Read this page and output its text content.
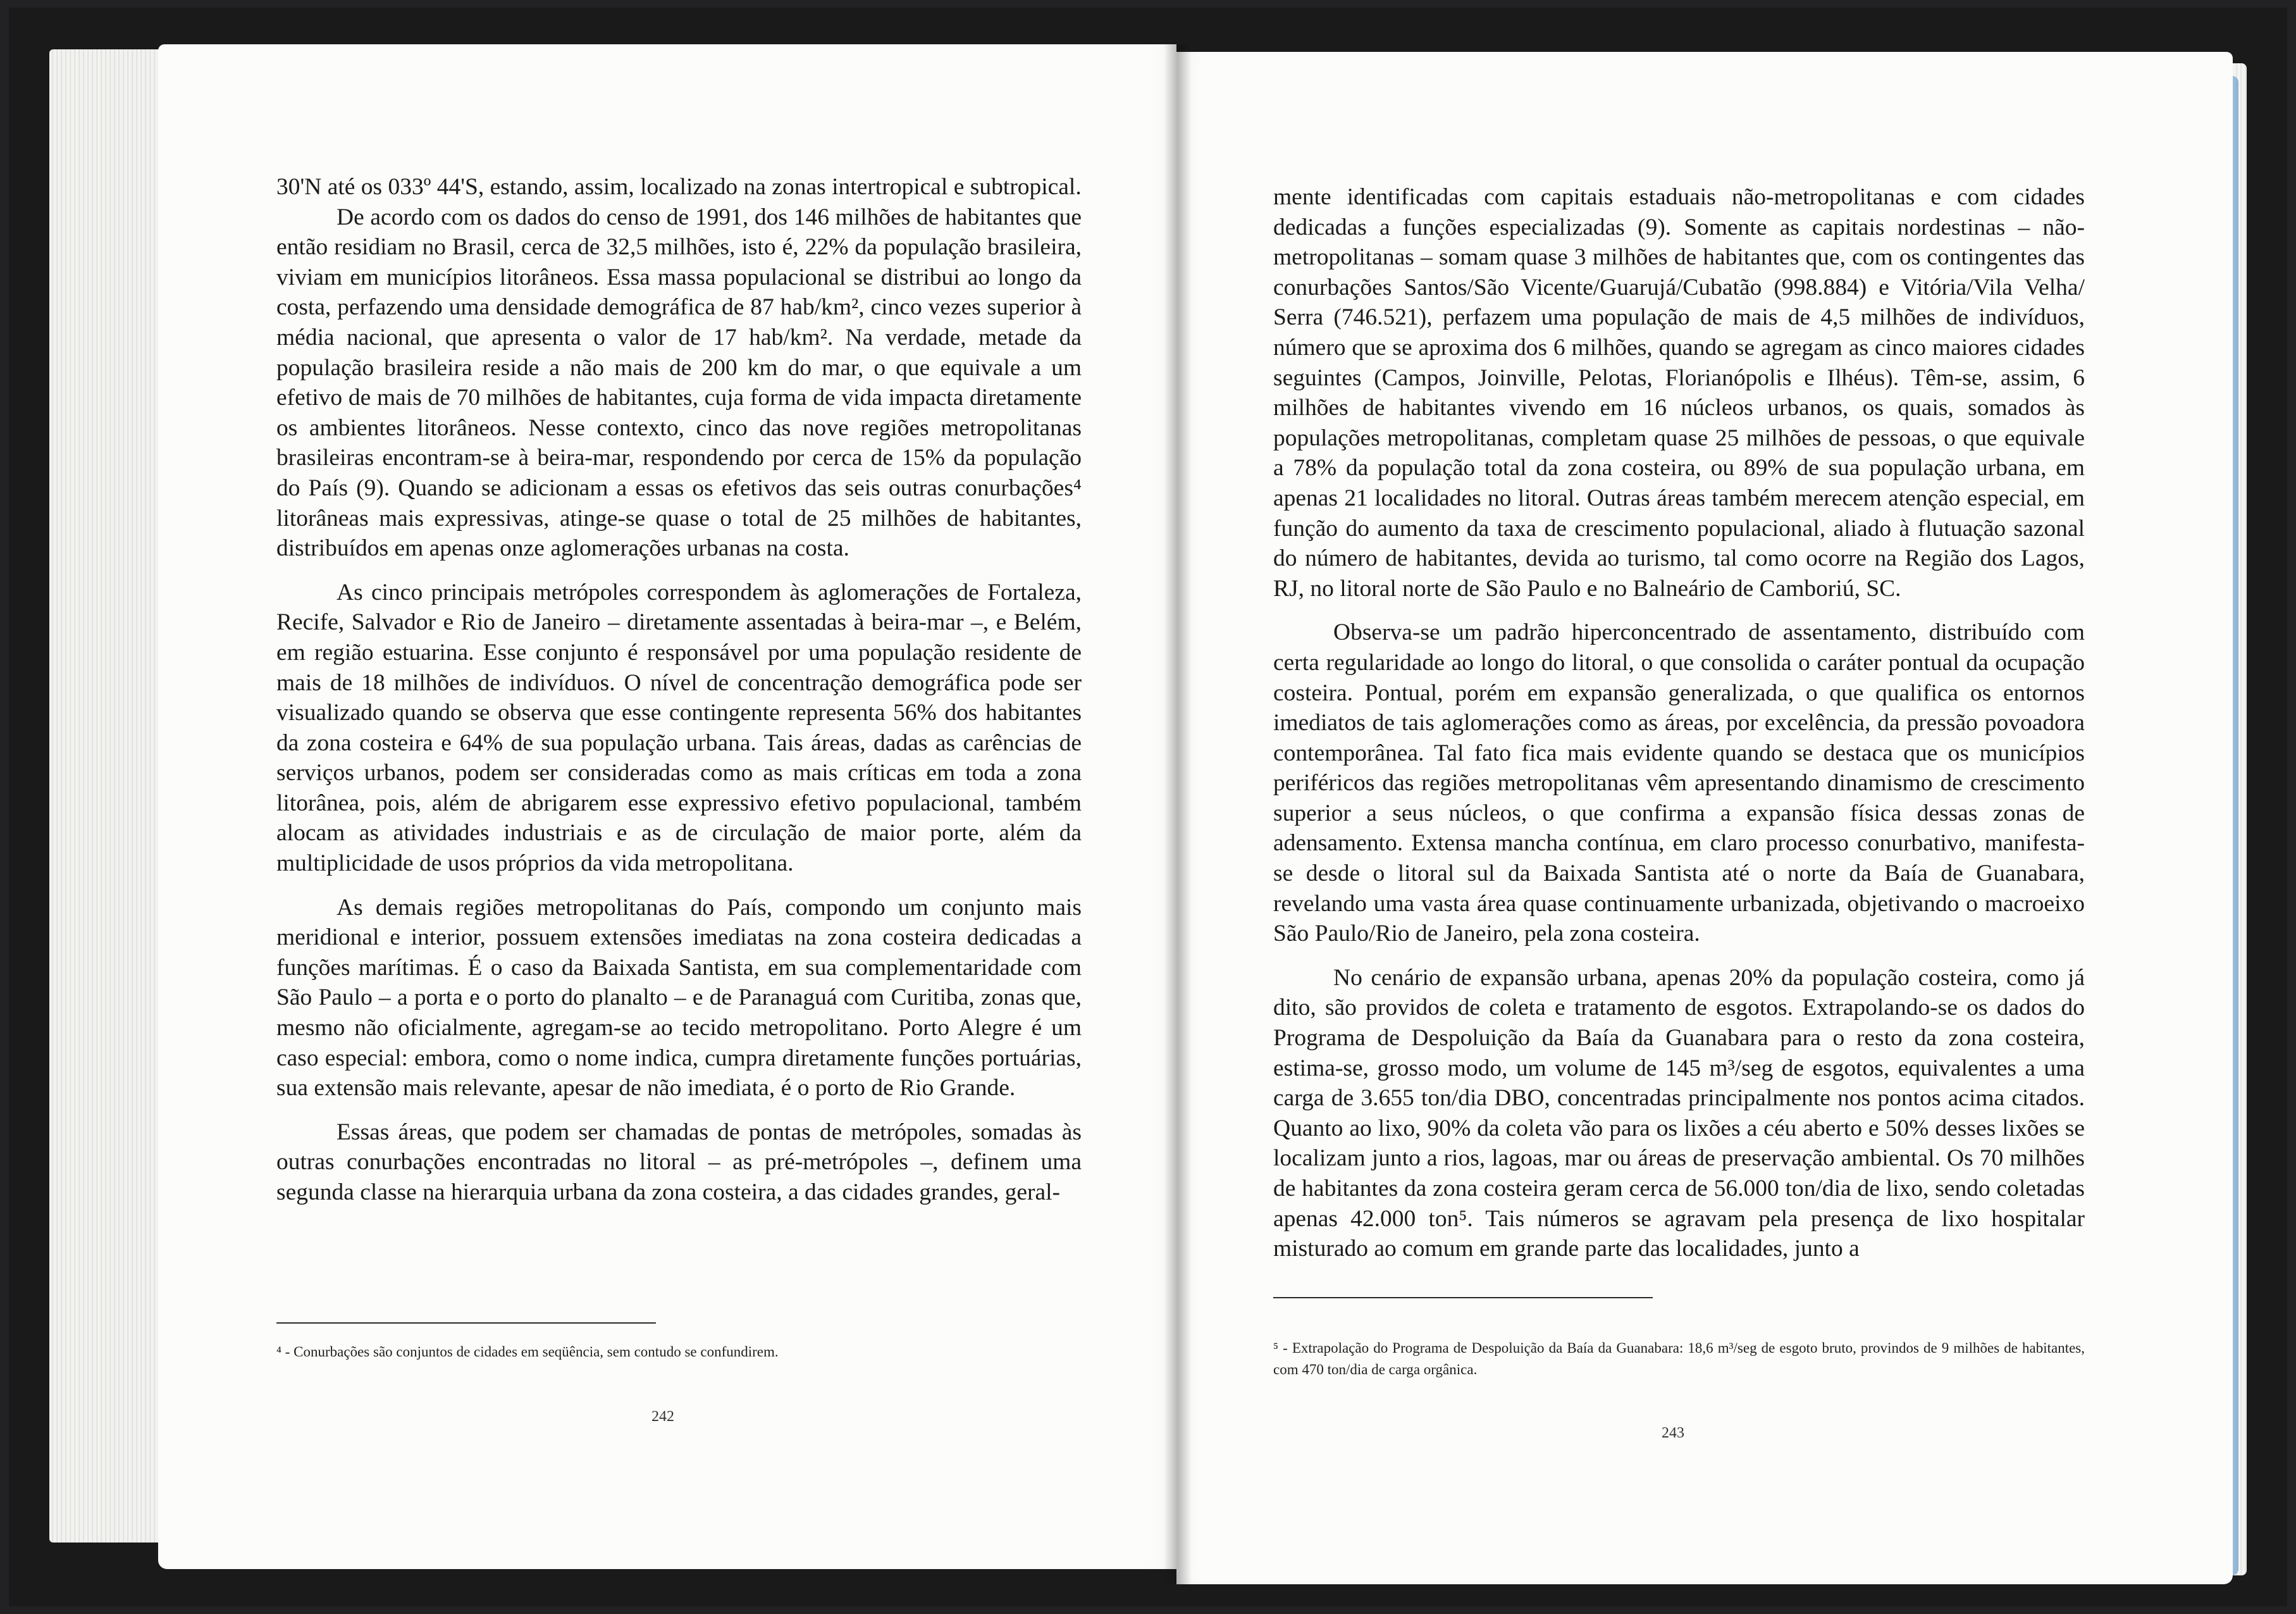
30'N até os 033º 44'S, estando, assim, localizado na zonas intertropical e subtropical.

De acordo com os dados do censo de 1991, dos 146 milhões de habitantes que então residiam no Brasil, cerca de 32,5 milhões, isto é, 22% da população brasileira, viviam em municípios litorâneos. Essa massa populacional se distribui ao longo da costa, perfazendo uma densidade demográfica de 87 hab/km², cinco vezes superior à média nacional, que apresenta o valor de 17 hab/km². Na verdade, metade da população brasileira reside a não mais de 200 km do mar, o que equivale a um efetivo de mais de 70 milhões de habitantes, cuja forma de vida impacta diretamente os ambientes litorâneos. Nesse contexto, cinco das nove regiões metropolitanas brasileiras encontram-se à beira-mar, respondendo por cerca de 15% da população do País (9). Quando se adicionam a essas os efetivos das seis outras conurbações⁴ litorâneas mais expressivas, atinge-se quase o total de 25 milhões de habitantes, distribuídos em apenas onze aglomerações urbanas na costa.

As cinco principais metrópoles correspondem às aglomerações de Fortaleza, Recife, Salvador e Rio de Janeiro – diretamente assentadas à beira-mar –, e Belém, em região estuarina. Esse conjunto é responsável por uma população residente de mais de 18 milhões de indivíduos. O nível de concentração demográfica pode ser visualizado quando se observa que esse contingente representa 56% dos habitantes da zona costeira e 64% de sua população urbana. Tais áreas, dadas as carências de serviços urbanos, podem ser consideradas como as mais críticas em toda a zona litorânea, pois, além de abrigarem esse expressivo efetivo populacional, também alocam as atividades industriais e as de circulação de maior porte, além da multiplicidade de usos próprios da vida metropolitana.

As demais regiões metropolitanas do País, compondo um conjunto mais meridional e interior, possuem extensões imediatas na zona costeira dedicadas a funções marítimas. É o caso da Baixada Santista, em sua complementaridade com São Paulo – a porta e o porto do planalto – e de Paranaguá com Curitiba, zonas que, mesmo não oficialmente, agregam-se ao tecido metropolitano. Porto Alegre é um caso especial: embora, como o nome indica, cumpra diretamente funções portuárias, sua extensão mais relevante, apesar de não imediata, é o porto de Rio Grande.

Essas áreas, que podem ser chamadas de pontas de metrópoles, somadas às outras conurbações encontradas no litoral – as pré-metrópoles –, definem uma segunda classe na hierarquia urbana da zona costeira, a das cidades grandes, geral-

⁴ - Conurbações são conjuntos de cidades em seqüência, sem contudo se confundirem.
242

mente identificadas com capitais estaduais não-metropolitanas e com cidades dedicadas a funções especializadas (9). Somente as capitais nordestinas – não-metropolitanas – somam quase 3 milhões de habitantes que, com os contingentes das conurbações Santos/São Vicente/Guarujá/Cubatão (998.884) e Vitória/Vila Velha/ Serra (746.521), perfazem uma população de mais de 4,5 milhões de indivíduos, número que se aproxima dos 6 milhões, quando se agregam as cinco maiores cidades seguintes (Campos, Joinville, Pelotas, Florianópolis e Ilhéus). Têm-se, assim, 6 milhões de habitantes vivendo em 16 núcleos urbanos, os quais, somados às populações metropolitanas, completam quase 25 milhões de pessoas, o que equivale a 78% da população total da zona costeira, ou 89% de sua população urbana, em apenas 21 localidades no litoral. Outras áreas também merecem atenção especial, em função do aumento da taxa de crescimento populacional, aliado à flutuação sazonal do número de habitantes, devida ao turismo, tal como ocorre na Região dos Lagos, RJ, no litoral norte de São Paulo e no Balneário de Camboriú, SC.

Observa-se um padrão hiperconcentrado de assentamento, distribuído com certa regularidade ao longo do litoral, o que consolida o caráter pontual da ocupação costeira. Pontual, porém em expansão generalizada, o que qualifica os entornos imediatos de tais aglomerações como as áreas, por excelência, da pressão povoadora contemporânea. Tal fato fica mais evidente quando se destaca que os municípios periféricos das regiões metropolitanas vêm apresentando dinamismo de crescimento superior a seus núcleos, o que confirma a expansão física dessas zonas de adensamento. Extensa mancha contínua, em claro processo conurbativo, manifesta-se desde o litoral sul da Baixada Santista até o norte da Baía de Guanabara, revelando uma vasta área quase continuamente urbanizada, objetivando o macroeixo São Paulo/Rio de Janeiro, pela zona costeira.

No cenário de expansão urbana, apenas 20% da população costeira, como já dito, são providos de coleta e tratamento de esgotos. Extrapolando-se os dados do Programa de Despoluição da Baía da Guanabara para o resto da zona costeira, estima-se, grosso modo, um volume de 145 m³/seg de esgotos, equivalentes a uma carga de 3.655 ton/dia DBO, concentradas principalmente nos pontos acima citados. Quanto ao lixo, 90% da coleta vão para os lixões a céu aberto e 50% desses lixões se localizam junto a rios, lagoas, mar ou áreas de preservação ambiental. Os 70 milhões de habitantes da zona costeira geram cerca de 56.000 ton/dia de lixo, sendo coletadas apenas 42.000 ton⁵. Tais números se agravam pela presença de lixo hospitalar misturado ao comum em grande parte das localidades, junto a

⁵ - Extrapolação do Programa de Despoluição da Baía da Guanabara: 18,6 m³/seg de esgoto bruto, provindos de 9 milhões de habitantes, com 470 ton/dia de carga orgânica.
243
